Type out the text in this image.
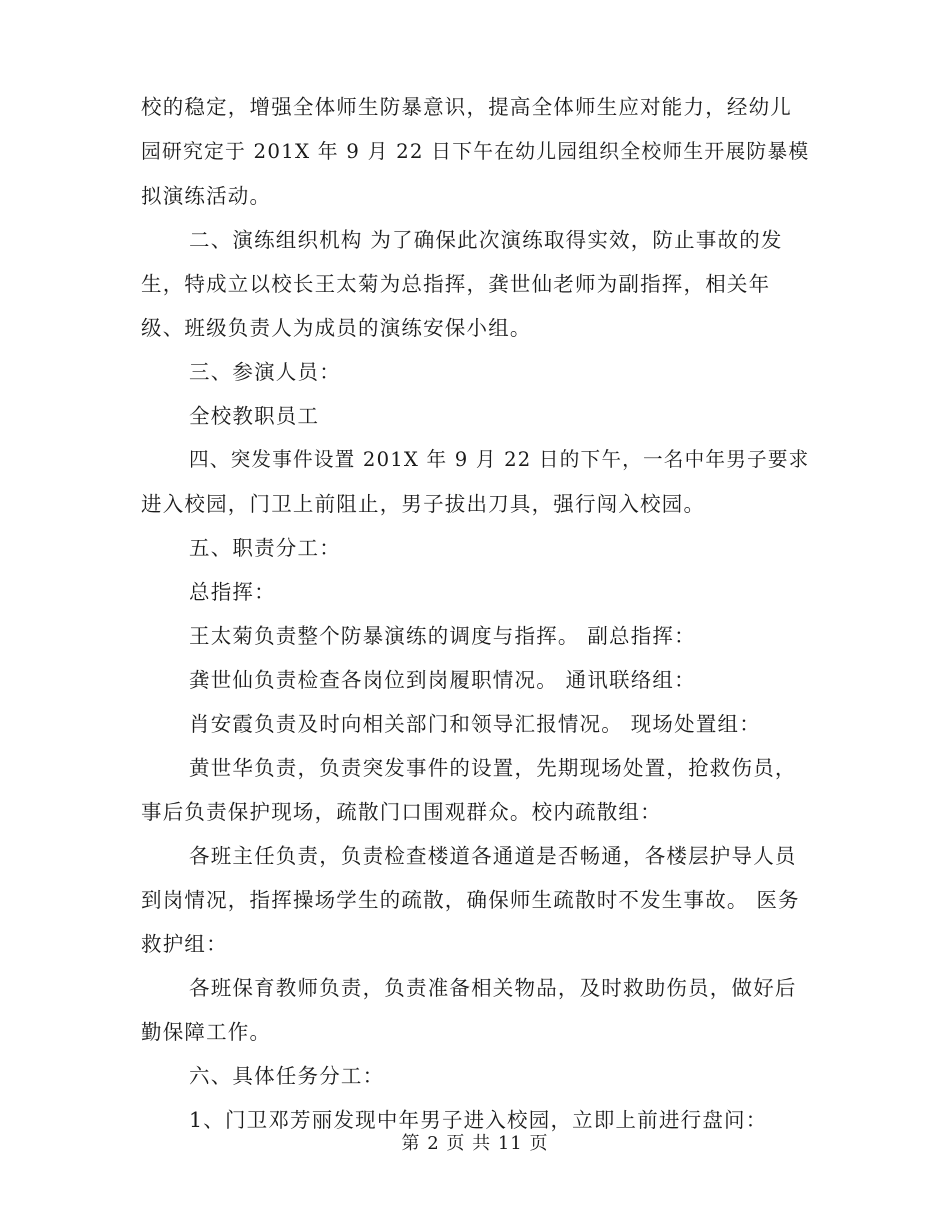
校的稳定，增强全体师生防暴意识，提高全体师生应对能力，经幼儿
园研究定于 201X 年 9 月 22 日下午在幼儿园组织全校师生开展防暴模
拟演练活动。
二、演练组织机构 为了确保此次演练取得实效，防止事故的发
生，特成立以校长王太菊为总指挥，龚世仙老师为副指挥，相关年
级、班级负责人为成员的演练安保小组。
三、参演人员：
全校教职员工
四、突发事件设置 201X 年 9 月 22 日的下午，一名中年男子要求
进入校园，门卫上前阻止，男子拔出刀具，强行闯入校园。
五、职责分工：
总指挥：
王太菊负责整个防暴演练的调度与指挥。 副总指挥：
龚世仙负责检查各岗位到岗履职情况。 通讯联络组：
肖安霞负责及时向相关部门和领导汇报情况。 现场处置组：
黄世华负责，负责突发事件的设置，先期现场处置，抢救伤员，
事后负责保护现场，疏散门口围观群众。校内疏散组：
各班主任负责，负责检查楼道各通道是否畅通，各楼层护导人员
到岗情况，指挥操场学生的疏散，确保师生疏散时不发生事故。 医务
救护组：
各班保育教师负责，负责准备相关物品，及时救助伤员，做好后
勤保障工作。
六、具体任务分工：
1、门卫邓芳丽发现中年男子进入校园，立即上前进行盘问：
第 2 页 共 11 页
